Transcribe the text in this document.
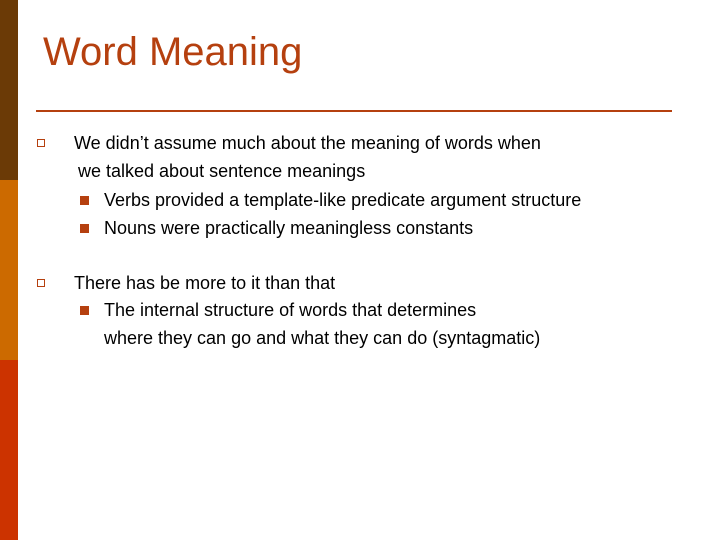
Word Meaning
We didn’t assume much about the meaning of words when
we talked about sentence meanings
Verbs provided a template-like predicate argument structure
Nouns were practically meaningless constants
There has be more to it than that
The internal structure of words that determines
where they can go and what they can do (syntagmatic)
